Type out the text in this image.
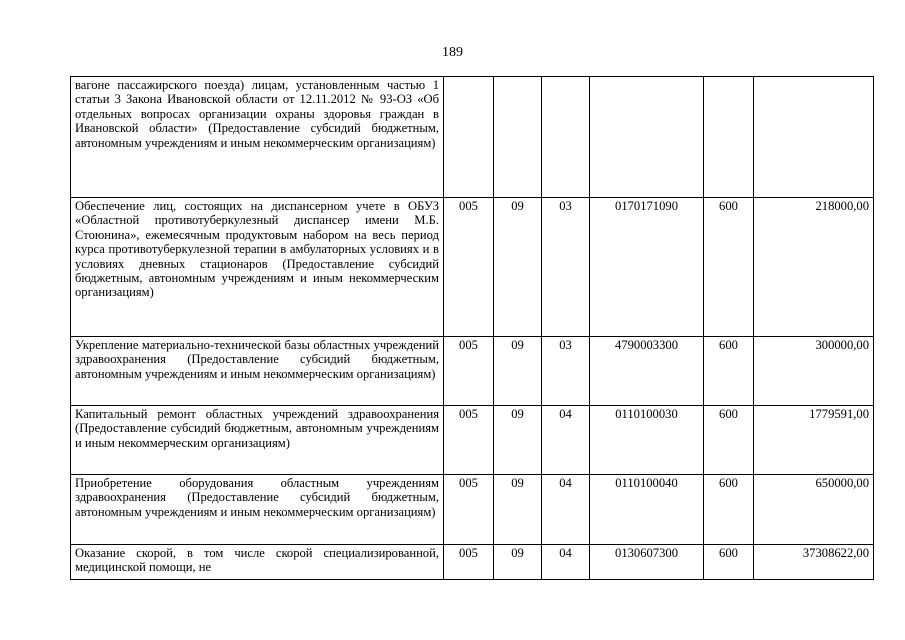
189
вагоне пассажирского поезда) лицам, установленным частью 1 статьи 3 Закона Ивановской области от 12.11.2012 № 93-ОЗ «Об отдельных вопросах организации охраны здоровья граждан в Ивановской области» (Предоставление субсидий бюджетным, автономным учреждениям и иным некоммерческим организациям)						
Обеспечение лиц, состоящих на диспансерном учете в ОБУЗ «Областной противотуберкулезный диспансер имени М.Б. Стоюнина», ежемесячным продуктовым набором на весь период курса противотуберкулезной терапии в амбулаторных условиях и в условиях дневных стационаров (Предоставление субсидий бюджетным, автономным учреждениям и иным некоммерческим организациям)	005	09	03	0170171090	600	218000,00
Укрепление материально-технической базы областных учреждений здравоохранения (Предоставление субсидий бюджетным, автономным учреждениям и иным некоммерческим организациям)	005	09	03	4790003300	600	300000,00
Капитальный ремонт областных учреждений здравоохранения (Предоставление субсидий бюджетным, автономным учреждениям и иным некоммерческим организациям)	005	09	04	0110100030	600	1779591,00
Приобретение оборудования областным учреждениям здравоохранения (Предоставление субсидий бюджетным, автономным учреждениям и иным некоммерческим организациям)	005	09	04	0110100040	600	650000,00
Оказание скорой, в том числе скорой специализированной, медицинской помощи, не	005	09	04	0130607300	600	37308622,00
